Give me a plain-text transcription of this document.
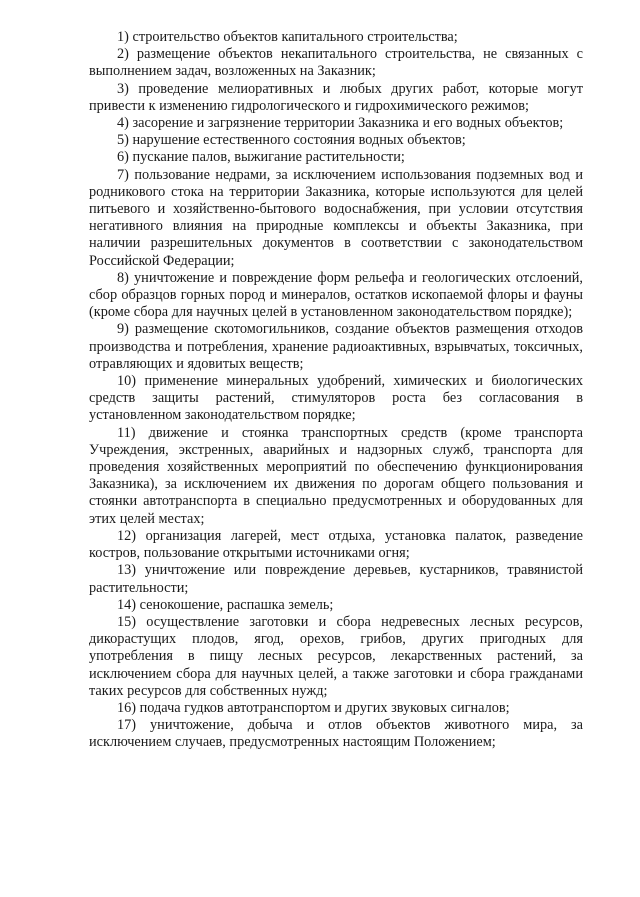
1) строительство объектов капитального строительства;

2) размещение объектов некапитального строительства, не связанных с выполнением задач, возложенных на Заказник;

3) проведение мелиоративных и любых других работ, которые могут привести к изменению гидрологического и гидрохимического режимов;

4) засорение и загрязнение территории Заказника и его водных объектов;

5) нарушение естественного состояния водных объектов;

6) пускание палов, выжигание растительности;

7) пользование недрами, за исключением использования подземных вод и родникового стока на территории Заказника, которые используются для целей питьевого и хозяйственно-бытового водоснабжения, при условии отсутствия негативного влияния на природные комплексы и объекты Заказника, при наличии разрешительных документов в соответствии с законодательством Российской Федерации;

8) уничтожение и повреждение форм рельефа и геологических отслоений, сбор образцов горных пород и минералов, остатков ископаемой флоры и фауны (кроме сбора для научных целей в установленном законодательством порядке);

9) размещение скотомогильников, создание объектов размещения отходов производства и потребления, хранение радиоактивных, взрывчатых, токсичных, отравляющих и ядовитых веществ;

10) применение минеральных удобрений, химических и биологических средств защиты растений, стимуляторов роста без согласования в установленном законодательством порядке;

11) движение и стоянка транспортных средств (кроме транспорта Учреждения, экстренных, аварийных и надзорных служб, транспорта для проведения хозяйственных мероприятий по обеспечению функционирования Заказника), за исключением их движения по дорогам общего пользования и стоянки автотранспорта в специально предусмотренных и оборудованных для этих целей местах;

12) организация лагерей, мест отдыха, установка палаток, разведение костров, пользование открытыми источниками огня;

13) уничтожение или повреждение деревьев, кустарников, травянистой растительности;

14) сенокошение, распашка земель;

15) осуществление заготовки и сбора недревесных лесных ресурсов, дикорастущих плодов, ягод, орехов, грибов, других пригодных для употребления в пищу лесных ресурсов, лекарственных растений, за исключением сбора для научных целей, а также заготовки и сбора гражданами таких ресурсов для собственных нужд;

16) подача гудков автотранспортом и других звуковых сигналов;

17) уничтожение, добыча и отлов объектов животного мира, за исключением случаев, предусмотренных настоящим Положением;
